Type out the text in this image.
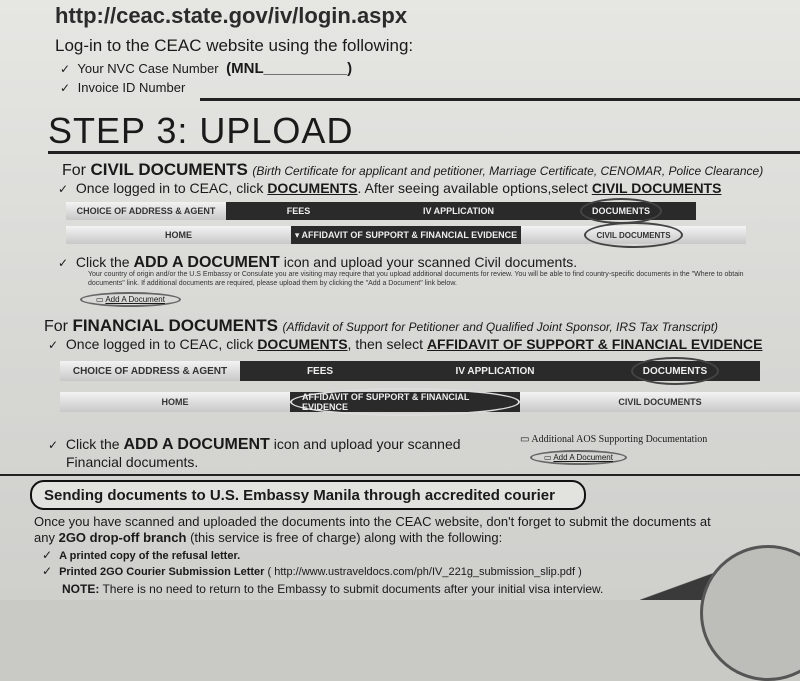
http://ceac.state.gov/iv/login.aspx
Log-in to the CEAC website using the following:
✓ Your NVC Case Number (MNL__________)
✓ Invoice ID Number
STEP 3: UPLOAD
For CIVIL DOCUMENTS (Birth Certificate for applicant and petitioner, Marriage Certificate, CENOMAR, Police Clearance)
✓ Once logged in to CEAC, click DOCUMENTS. After seeing available options,select CIVIL DOCUMENTS
CHOICE OF ADDRESS & AGENT	FEES	IV APPLICATION	DOCUMENTS
HOME	▾ AFFIDAVIT OF SUPPORT & FINANCIAL EVIDENCE	CIVIL DOCUMENTS
✓ Click the ADD A DOCUMENT icon and upload your scanned Civil documents.
Your country of origin and/or the U.S Embassy or Consulate you are visiting may require that you upload additional documents for review. You will be able to find country-specific documents in the "Where to obtain documents" link. If additional documents are required, please upload them by clicking the "Add a Document" link below.
▭ Add A Document
For FINANCIAL DOCUMENTS (Affidavit of Support for Petitioner and Qualified Joint Sponsor, IRS Tax Transcript)
✓ Once logged in to CEAC, click DOCUMENTS, then select AFFIDAVIT OF SUPPORT & FINANCIAL EVIDENCE
CHOICE OF ADDRESS & AGENT	FEES	IV APPLICATION	DOCUMENTS
HOME	AFFIDAVIT OF SUPPORT & FINANCIAL EVIDENCE	CIVIL DOCUMENTS
✓ Click the ADD A DOCUMENT icon and upload your scanned
Financial documents.
▭ Additional AOS Supporting Documentation
▭ Add A Document
Sending documents to U.S. Embassy Manila through accredited courier
Once you have scanned and uploaded the documents into the CEAC website, don't forget to submit the documents at
any 2GO drop-off branch (this service is free of charge) along with the following:
✓ A printed copy of the refusal letter.
✓ Printed 2GO Courier Submission Letter ( http://www.ustraveldocs.com/ph/IV_221g_submission_slip.pdf )
NOTE: There is no need to return to the Embassy to submit documents after your initial visa interview.
